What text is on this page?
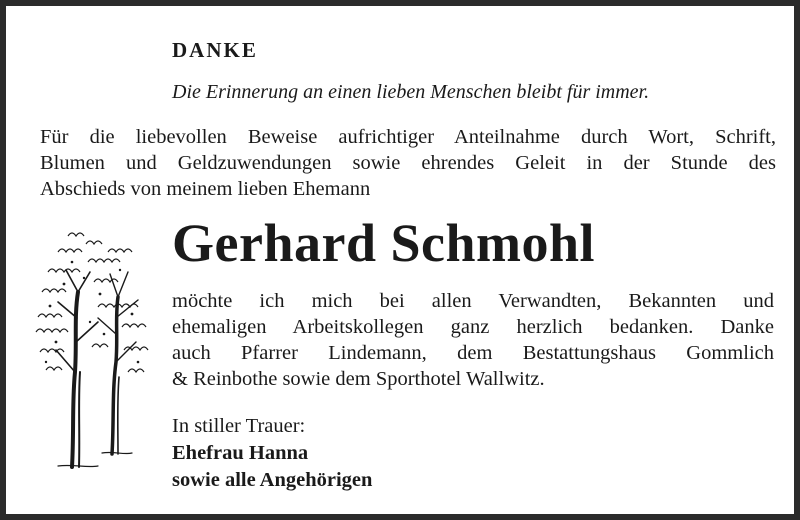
DANKE
Die Erinnerung an einen lieben Menschen bleibt für immer.
Für die liebevollen Beweise aufrichtiger Anteilnahme durch Wort, Schrift,
Blumen und Geldzuwendungen sowie ehrendes Geleit in der Stunde des
Abschieds von meinem lieben Ehemann
Gerhard Schmohl
möchte ich mich bei allen Verwandten, Bekannten und
ehemaligen Arbeitskollegen ganz herzlich bedanken. Danke
auch Pfarrer Lindemann, dem Bestattungshaus Gommlich
& Reinbothe sowie dem Sporthotel Wallwitz.
In stiller Trauer:
Ehefrau Hanna
sowie alle Angehörigen
